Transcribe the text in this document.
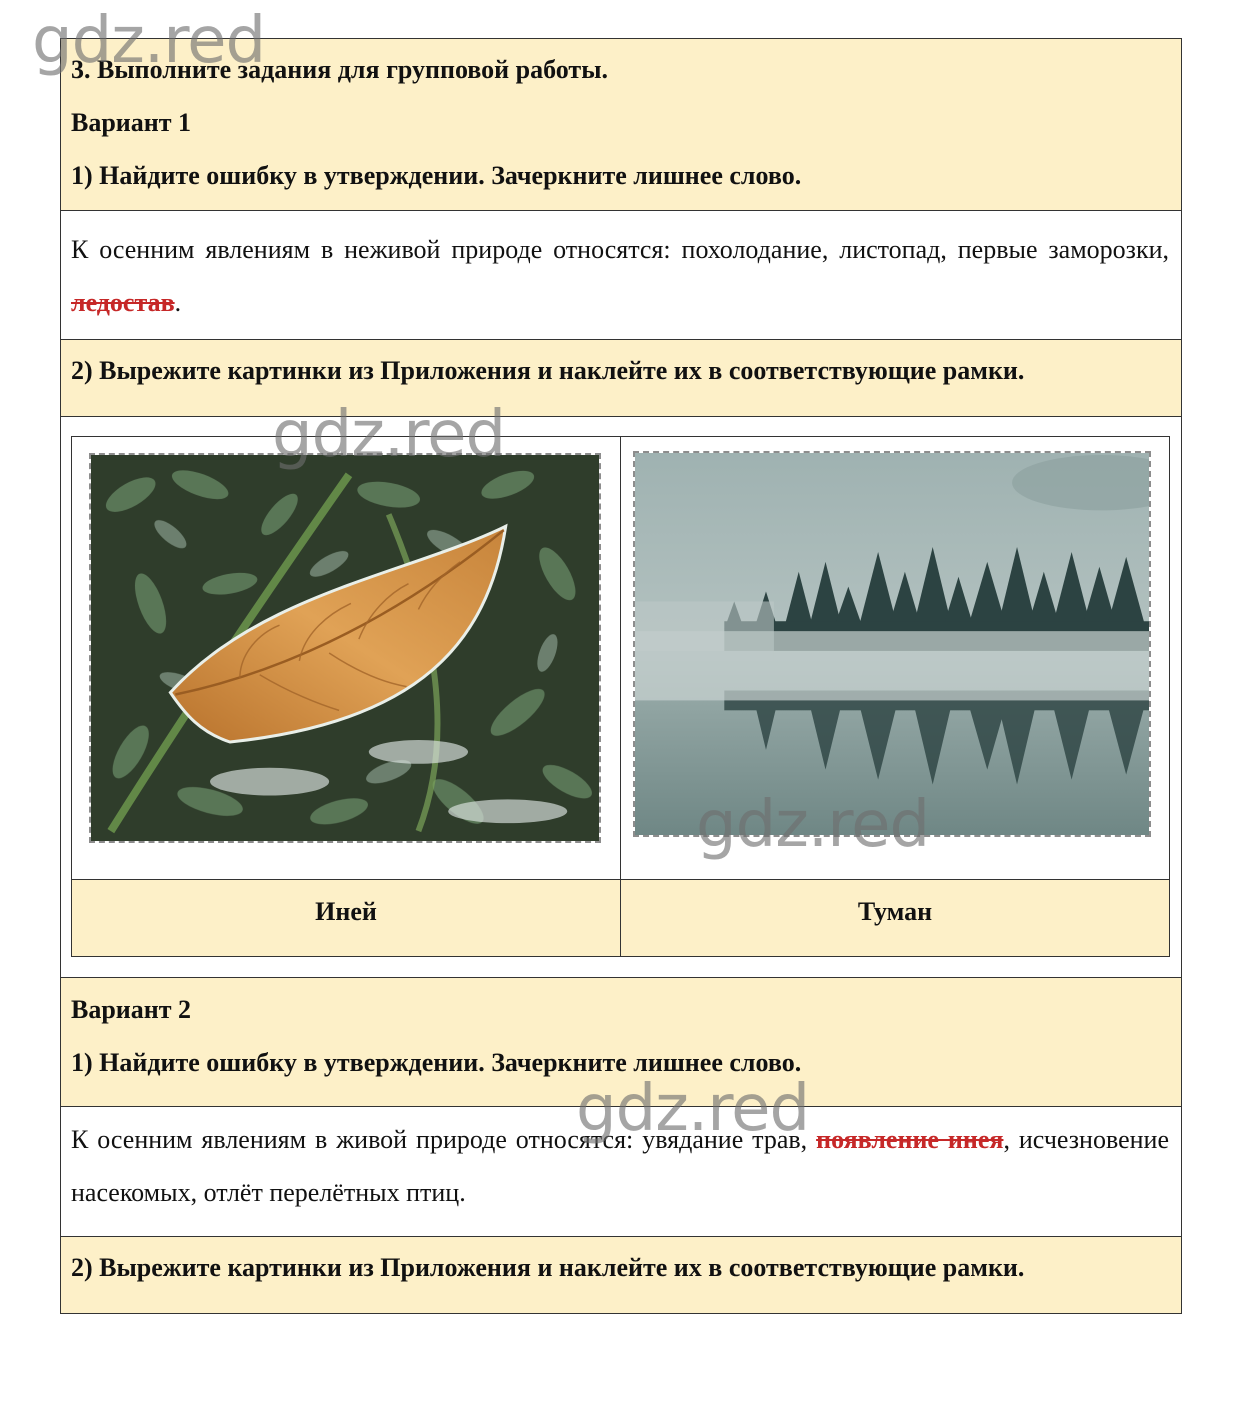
3. Выполните задания для групповой работы.
Вариант 1
1) Найдите ошибку в утверждении. Зачеркните лишнее слово.
К осенним явлениям в неживой природе относятся: похолодание, листопад, первые заморозки, ледостав.
2) Вырежите картинки из Приложения и наклейте их в соответствующие рамки.

Иней	Туман
Вариант 2
1) Найдите ошибку в утверждении. Зачеркните лишнее слово.
К осенним явлениям в живой природе относятся: увядание трав, появление инея, исчезновение насекомых, отлёт перелётных птиц.
2) Вырежите картинки из Приложения и наклейте их в соответствующие рамки.
gdz.red
gdz.red
gdz.red
gdz.red
